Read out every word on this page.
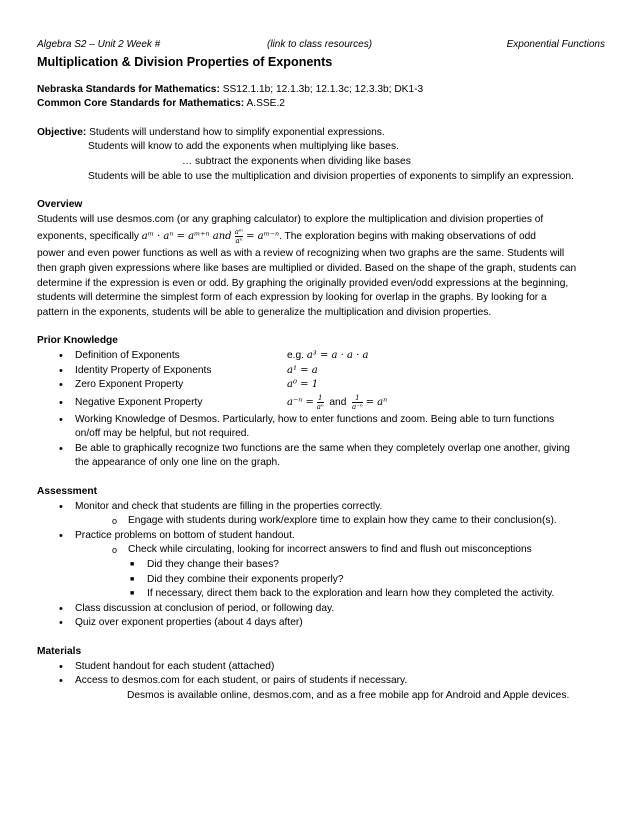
Algebra S2 – Unit 2 Week #	(link to class resources)	Exponential Functions
Multiplication & Division Properties of Exponents
Nebraska Standards for Mathematics: SS12.1.1b; 12.1.3b; 12.1.3c; 12.3.3b; DK1-3
Common Core Standards for Mathematics: A.SSE.2
Objective: Students will understand how to simplify exponential expressions.
Students will know to add the exponents when multiplying like bases.
… subtract the exponents when dividing like bases
Students will be able to use the multiplication and division properties of exponents to simplify an expression.
Overview
Students will use desmos.com (or any graphing calculator) to explore the multiplication and division properties of
exponents, specifically aᵐ · aⁿ = aᵐ⁺ⁿ and $\frac{\text{aᵐ}}{\text{aⁿ}}$ = aᵐ⁻ⁿ. The exploration begins with making observations of odd
power and even power functions as well as with a review of recognizing when two graphs are the same. Students will
then graph given expressions where like bases are multiplied or divided. Based on the shape of the graph, students can
determine if the expression is even or odd. By graphing the originally provided even/odd expressions at the beginning,
students will determine the simplest form of each expression by looking for overlap in the graphs. By looking for a
pattern in the exponents, students will be able to generalize the multiplication and division properties.
Prior Knowledge
• Definition of Exponents	e.g. a³ = a · a · a
• Identity Property of Exponents	a¹ = a
• Zero Exponent Property	a⁰ = 1
• Negative Exponent Property	$a^{-n} = \frac{1}{\text{aⁿ}}$ and $\frac{1}{\text{a⁻ⁿ}} = a^n$
• Working Knowledge of Desmos. Particularly, how to enter functions and zoom. Being able to turn functions
on/off may be helpful, but not required.
• Be able to graphically recognize two functions are the same when they completely overlap one another, giving
the appearance of only one line on the graph.
Assessment
• Monitor and check that students are filling in the properties correctly.
o Engage with students during work/explore time to explain how they came to their conclusion(s).
• Practice problems on bottom of student handout.
o Check while circulating, looking for incorrect answers to find and flush out misconceptions
■ Did they change their bases?
■ Did they combine their exponents properly?
■ If necessary, direct them back to the exploration and learn how they completed the activity.
• Class discussion at conclusion of period, or following day.
• Quiz over exponent properties (about 4 days after)
Materials
• Student handout for each student (attached)
• Access to desmos.com for each student, or pairs of students if necessary.
Desmos is available online, desmos.com, and as a free mobile app for Android and Apple devices.
